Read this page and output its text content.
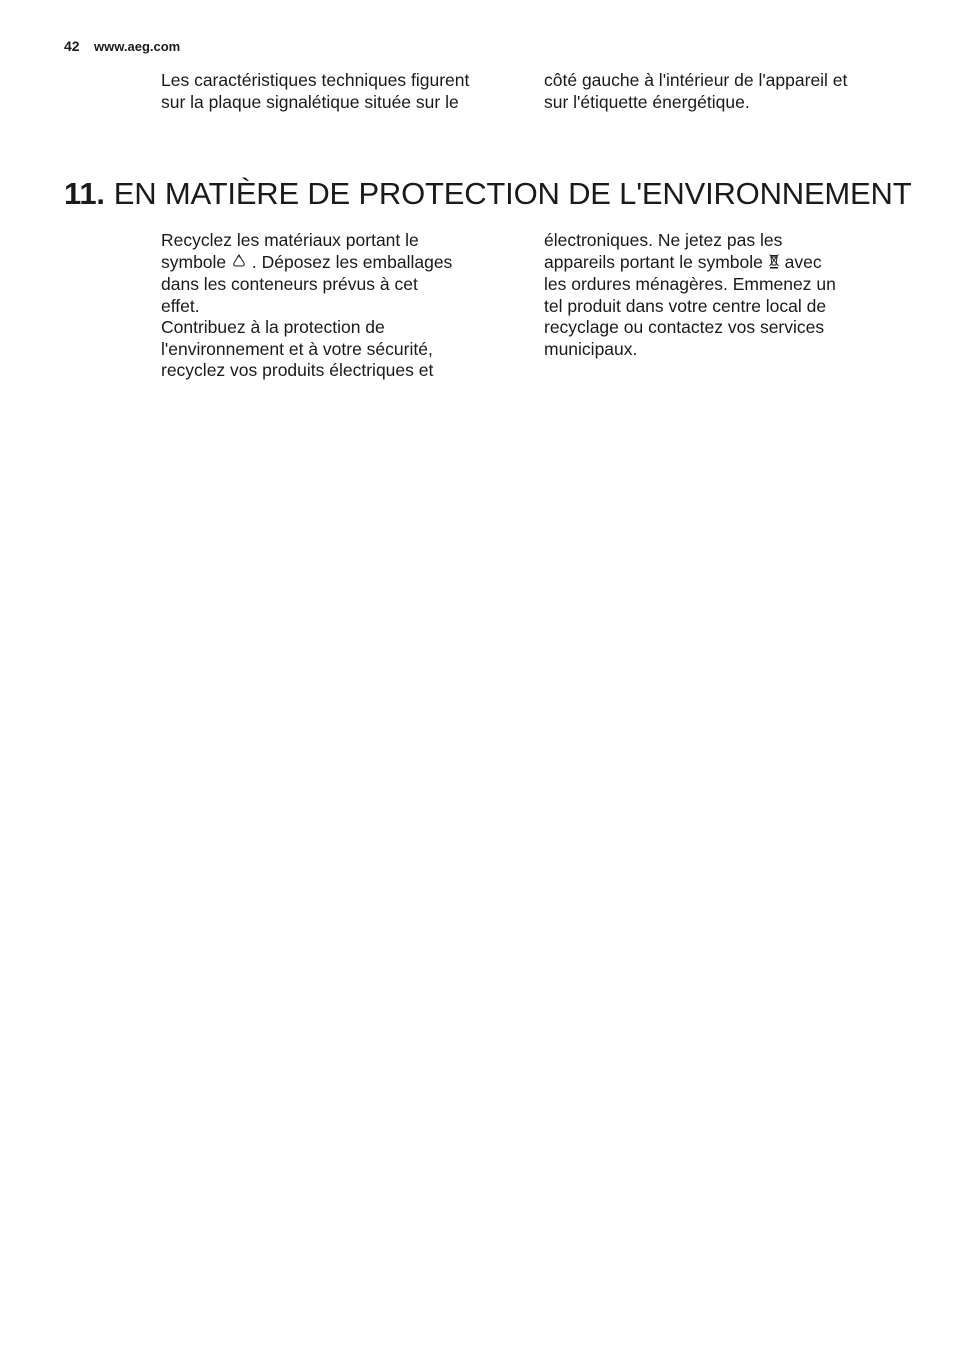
42 www.aeg.com
Les caractéristiques techniques figurent
sur la plaque signalétique située sur le
côté gauche à l'intérieur de l'appareil et
sur l'étiquette énergétique.
11. EN MATIÈRE DE PROTECTION DE L'ENVIRONNEMENT
Recyclez les matériaux portant le
symbole . Déposez les emballages
dans les conteneurs prévus à cet
effet.
Contribuez à la protection de
l'environnement et à votre sécurité,
recyclez vos produits électriques et
électroniques. Ne jetez pas les
appareils portant le symbole avec
les ordures ménagères. Emmenez un
tel produit dans votre centre local de
recyclage ou contactez vos services
municipaux.
